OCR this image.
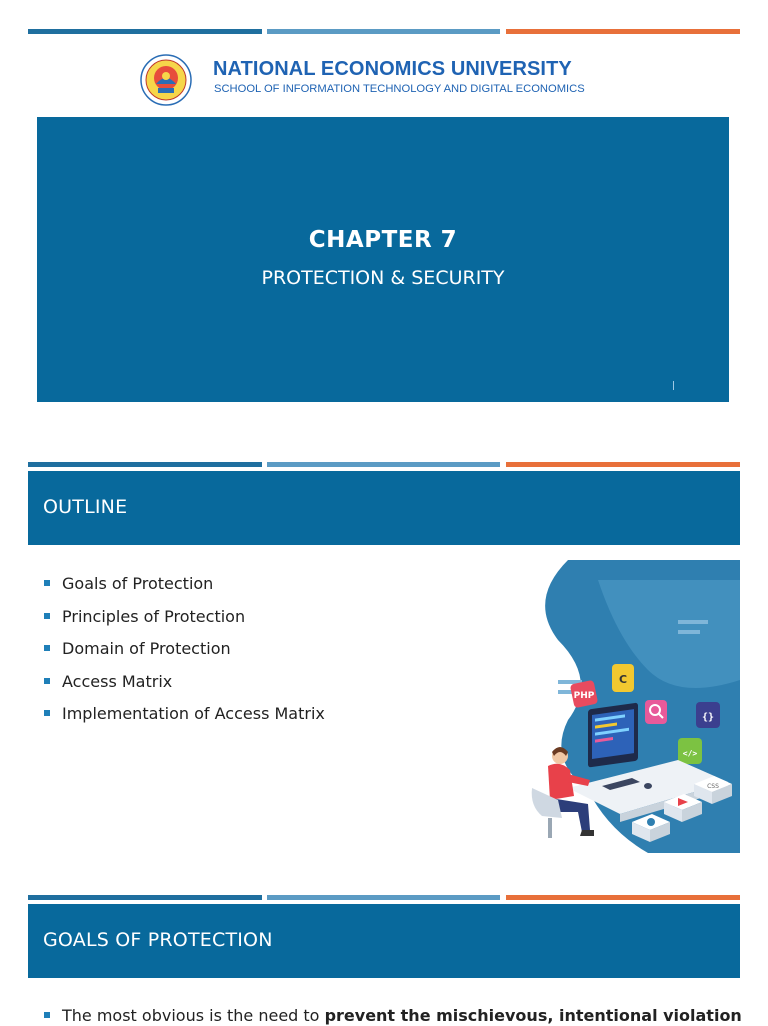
NATIONAL ECONOMICS UNIVERSITY
SCHOOL OF INFORMATION TECHNOLOGY AND DIGITAL ECONOMICS
CHAPTER 7
PROTECTION & SECURITY
OUTLINE
Goals of Protection
Principles of Protection
Domain of Protection
Access Matrix
Implementation of Access Matrix
PHP
C
{}
</>
CSS
GOALS OF PROTECTION
The most obvious is the need to prevent the mischievous, intentional violation
